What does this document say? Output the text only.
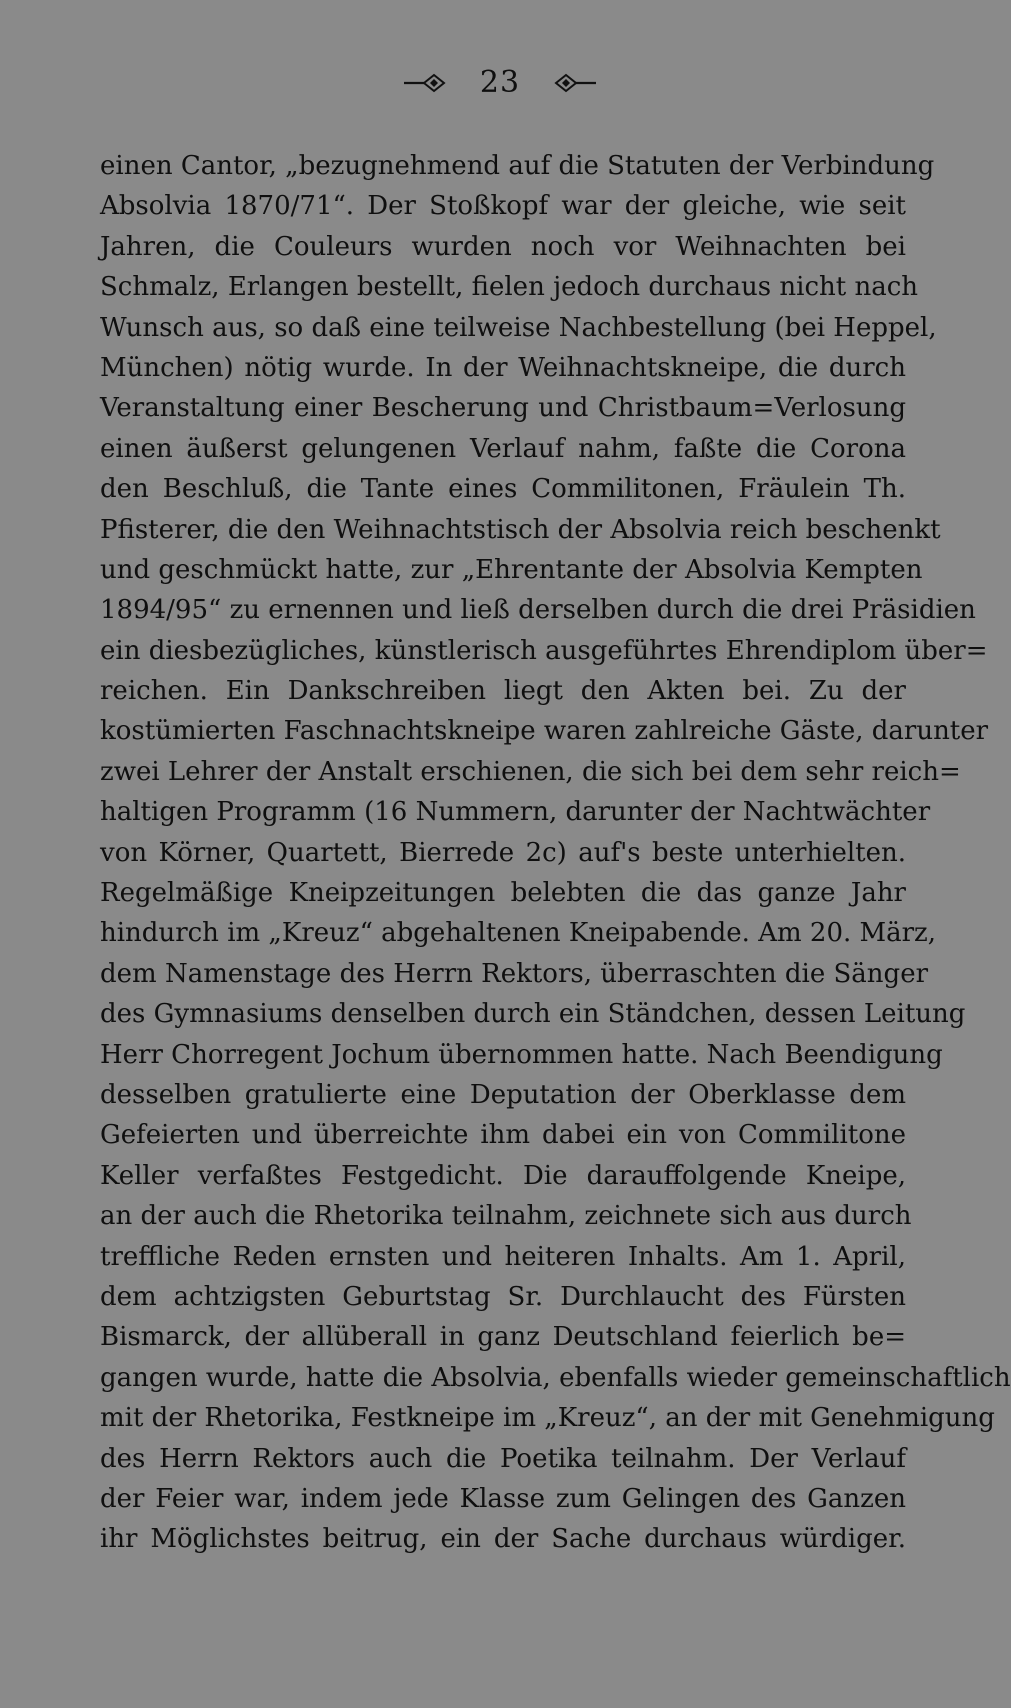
23
einen Cantor, „bezugnehmend auf die Statuten der Verbindung
Absolvia 1870/71“. Der Stoßkopf war der gleiche, wie seit
Jahren, die Couleurs wurden noch vor Weihnachten bei
Schmalz, Erlangen bestellt, fielen jedoch durchaus nicht nach
Wunsch aus, so daß eine teilweise Nachbestellung (bei Heppel,
München) nötig wurde. In der Weihnachtskneipe, die durch
Veranstaltung einer Bescherung und Christbaum=Verlosung
einen äußerst gelungenen Verlauf nahm, faßte die Corona
den Beschluß, die Tante eines Commilitonen, Fräulein Th.
Pfisterer, die den Weihnachtstisch der Absolvia reich beschenkt
und geschmückt hatte, zur „Ehrentante der Absolvia Kempten
1894/95“ zu ernennen und ließ derselben durch die drei Präsidien
ein diesbezügliches, künstlerisch ausgeführtes Ehrendiplom über=
reichen. Ein Dankschreiben liegt den Akten bei. Zu der
kostümierten Faschnachtskneipe waren zahlreiche Gäste, darunter
zwei Lehrer der Anstalt erschienen, die sich bei dem sehr reich=
haltigen Programm (16 Nummern, darunter der Nachtwächter
von Körner, Quartett, Bierrede 2c) auf's beste unterhielten.
Regelmäßige Kneipzeitungen belebten die das ganze Jahr
hindurch im „Kreuz“ abgehaltenen Kneipabende. Am 20. März,
dem Namenstage des Herrn Rektors, überraschten die Sänger
des Gymnasiums denselben durch ein Ständchen, dessen Leitung
Herr Chorregent Jochum übernommen hatte. Nach Beendigung
desselben gratulierte eine Deputation der Oberklasse dem
Gefeierten und überreichte ihm dabei ein von Commilitone
Keller verfaßtes Festgedicht. Die darauffolgende Kneipe,
an der auch die Rhetorika teilnahm, zeichnete sich aus durch
treffliche Reden ernsten und heiteren Inhalts. Am 1. April,
dem achtzigsten Geburtstag Sr. Durchlaucht des Fürsten
Bismarck, der allüberall in ganz Deutschland feierlich be=
gangen wurde, hatte die Absolvia, ebenfalls wieder gemeinschaftlich
mit der Rhetorika, Festkneipe im „Kreuz“, an der mit Genehmigung
des Herrn Rektors auch die Poetika teilnahm. Der Verlauf
der Feier war, indem jede Klasse zum Gelingen des Ganzen
ihr Möglichstes beitrug, ein der Sache durchaus würdiger.
